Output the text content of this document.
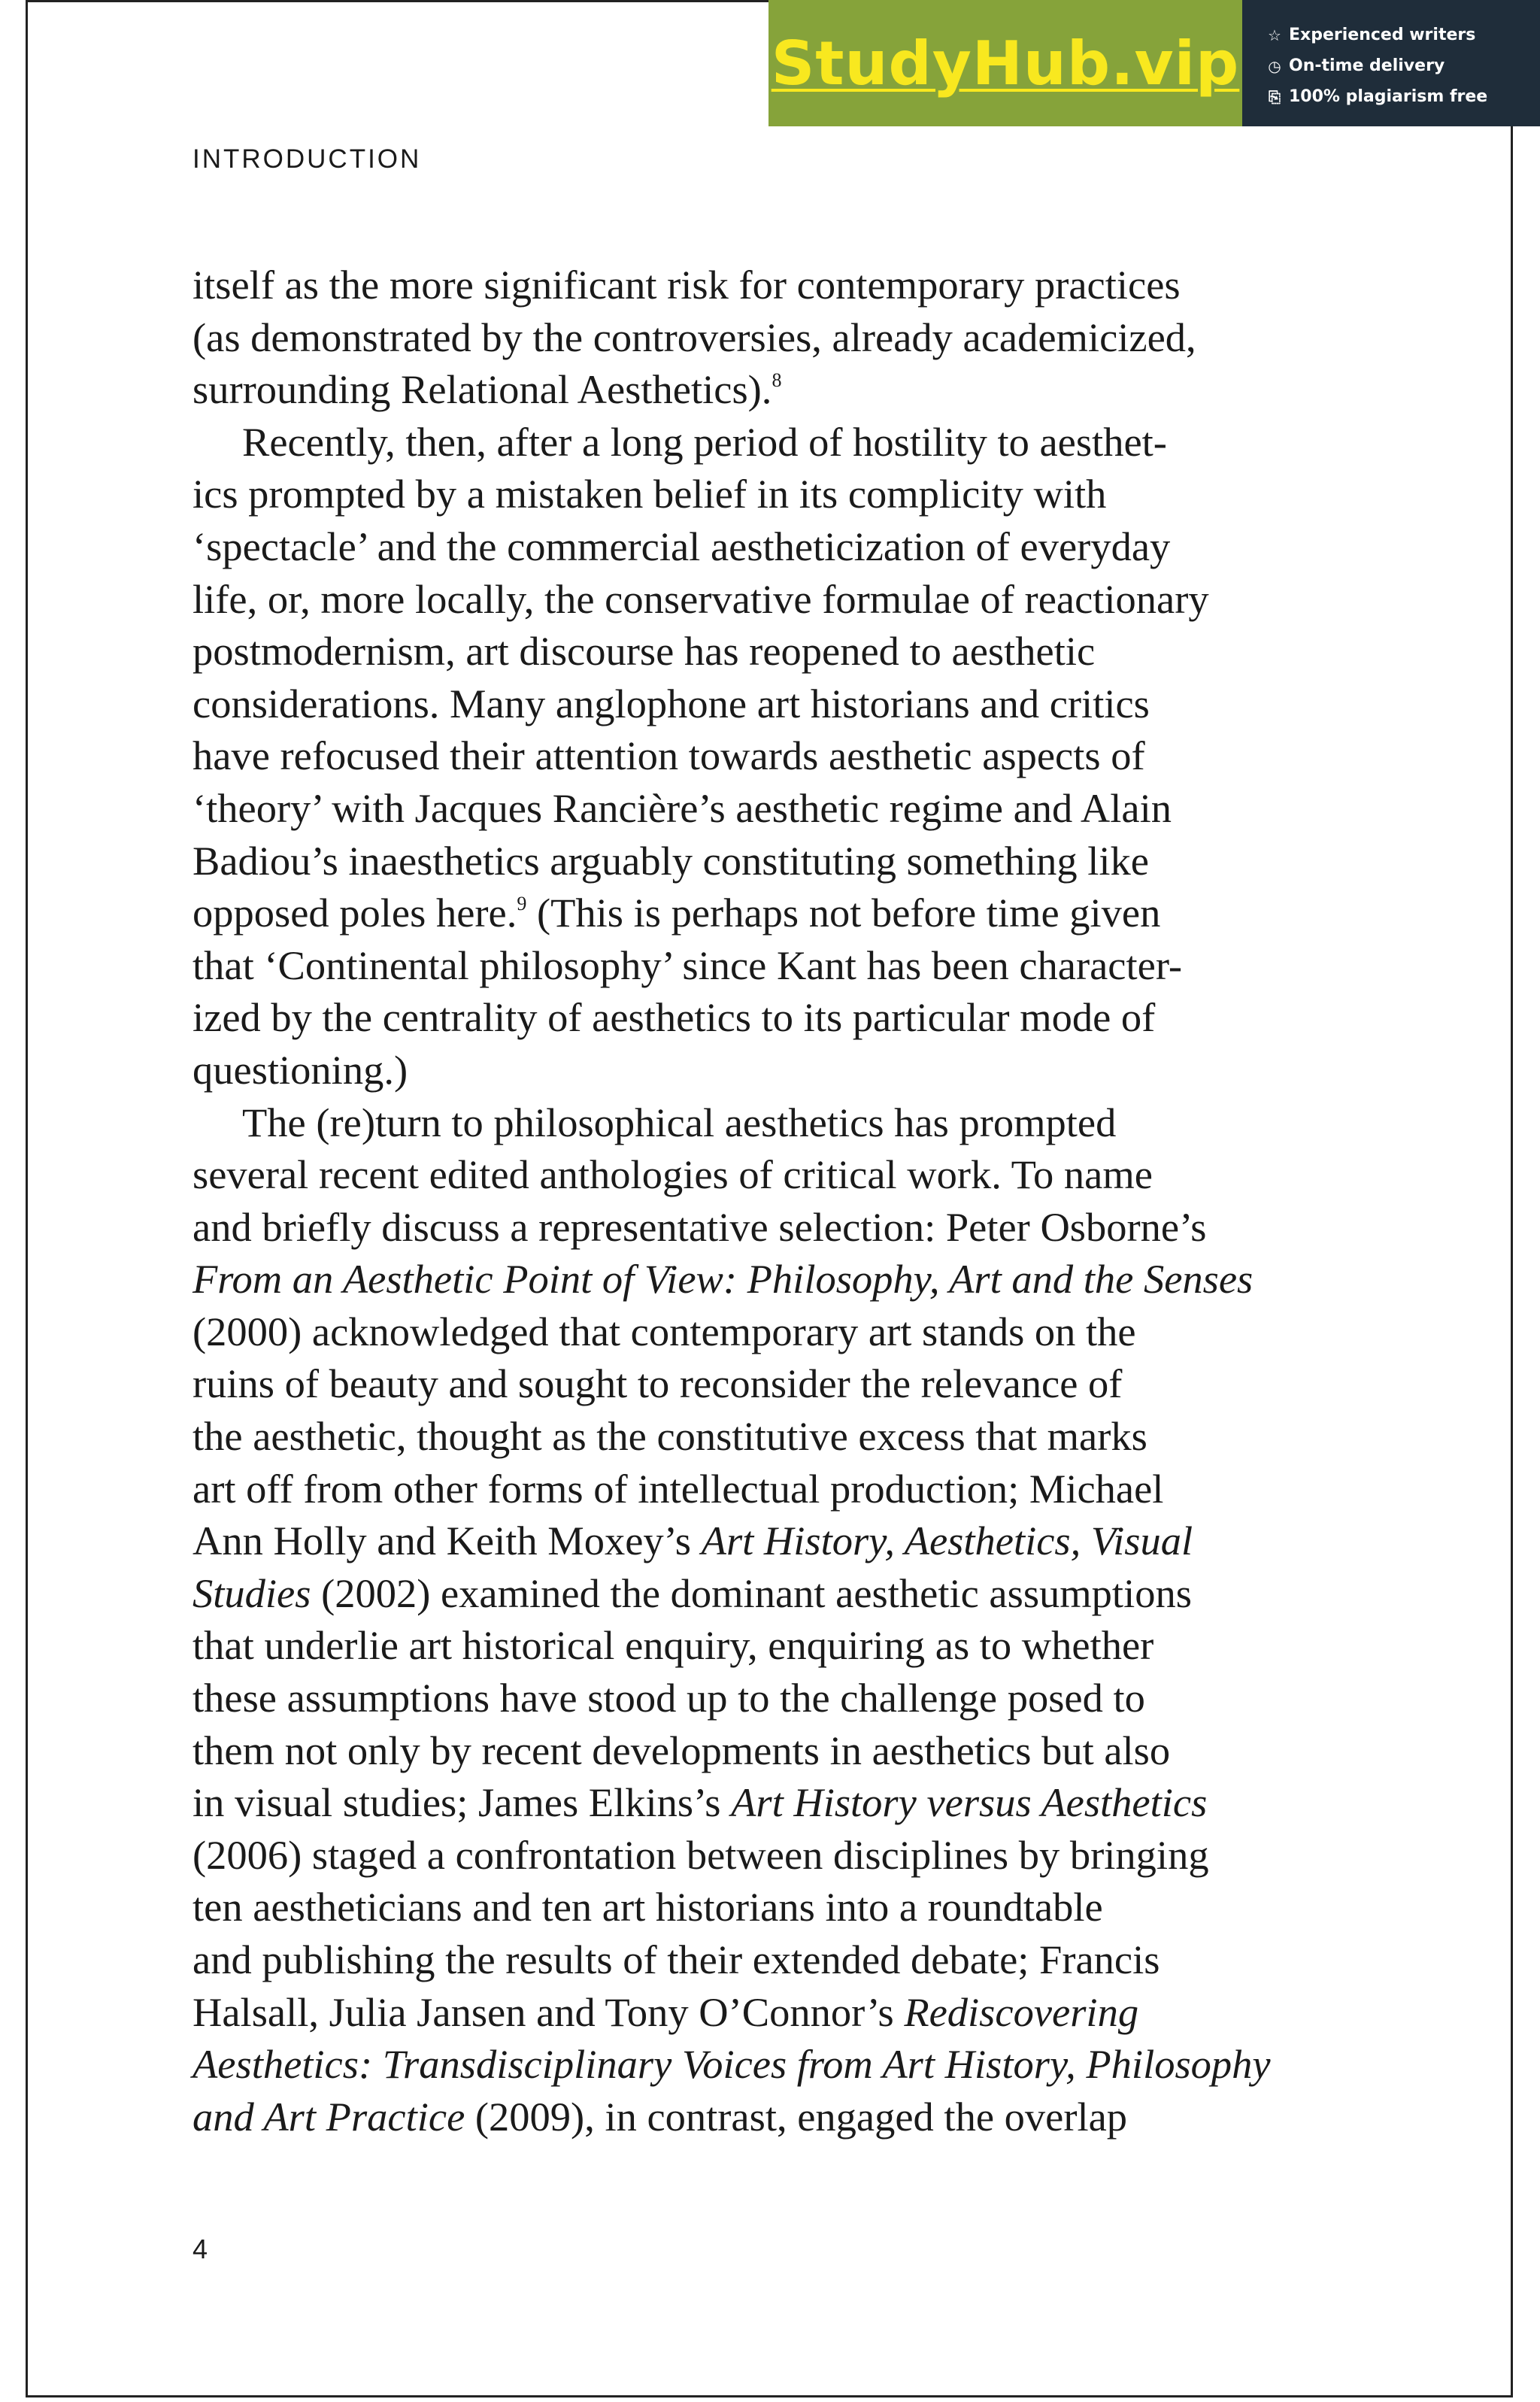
StudyHub.vip ☆ Experienced writers
◷ On-time delivery
⎘ 100% plagiarism free
INTRODUCTION
itself as the more significant risk for contemporary practices
(as demonstrated by the controversies, already academicized,
surrounding Relational Aesthetics).$^8$
Recently, then, after a long period of hostility to aesthet-
ics prompted by a mistaken belief in its complicity with
‘spectacle’ and the commercial aestheticization of everyday
life, or, more locally, the conservative formulae of reactionary
postmodernism, art discourse has reopened to aesthetic
considerations. Many anglophone art historians and critics
have refocused their attention towards aesthetic aspects of
‘theory’ with Jacques Rancière’s aesthetic regime and Alain
Badiou’s inaesthetics arguably constituting something like
opposed poles here.$^9$ (This is perhaps not before time given
that ‘Continental philosophy’ since Kant has been character-
ized by the centrality of aesthetics to its particular mode of
questioning.)
The (re)turn to philosophical aesthetics has prompted
several recent edited anthologies of critical work. To name
and briefly discuss a representative selection: Peter Osborne’s
From an Aesthetic Point of View: Philosophy, Art and the Senses
(2000) acknowledged that contemporary art stands on the
ruins of beauty and sought to reconsider the relevance of
the aesthetic, thought as the constitutive excess that marks
art off from other forms of intellectual production; Michael
Ann Holly and Keith Moxey’s Art History, Aesthetics, Visual
Studies (2002) examined the dominant aesthetic assumptions
that underlie art historical enquiry, enquiring as to whether
these assumptions have stood up to the challenge posed to
them not only by recent developments in aesthetics but also
in visual studies; James Elkins’s Art History versus Aesthetics
(2006) staged a confrontation between disciplines by bringing
ten aestheticians and ten art historians into a roundtable
and publishing the results of their extended debate; Francis
Halsall, Julia Jansen and Tony O’Connor’s Rediscovering
Aesthetics: Transdisciplinary Voices from Art History, Philosophy
and Art Practice (2009), in contrast, engaged the overlap
4
